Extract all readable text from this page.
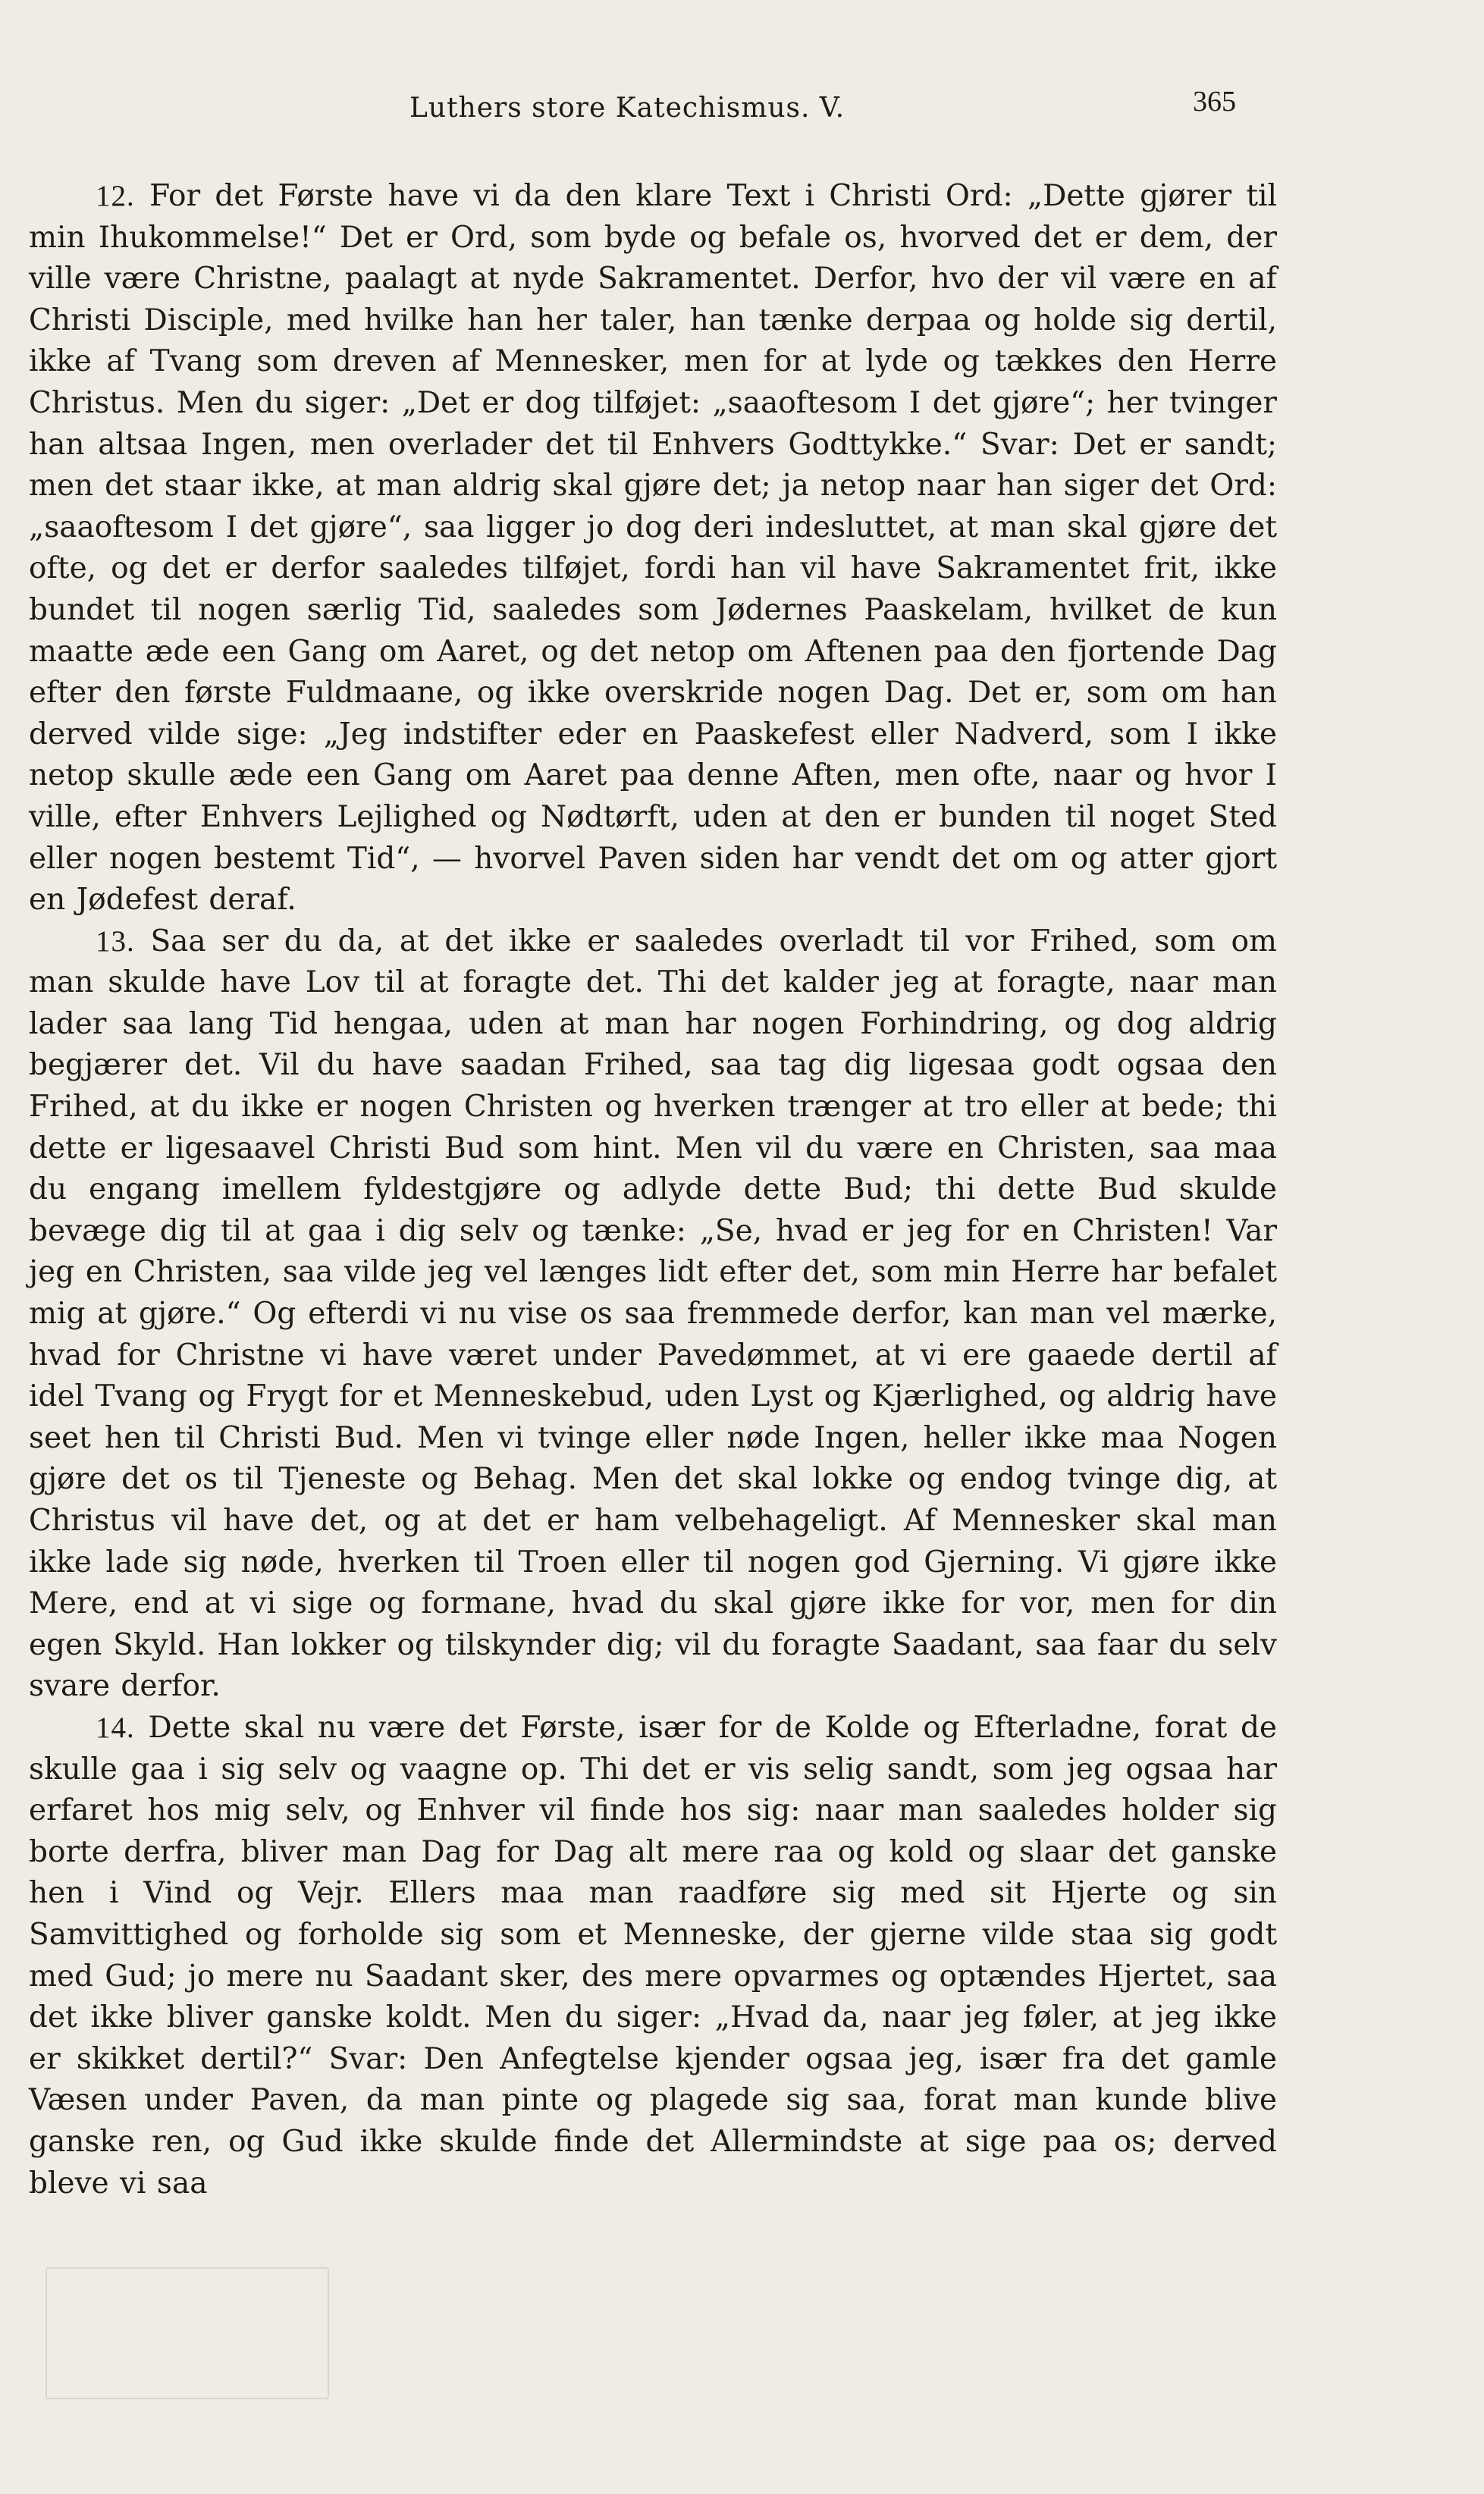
Luthers store Katechismus. V.	365

12. For det Første have vi da den klare Text i Christi Ord: „Dette gjører til min Ihukommelse!“ Det er Ord, som byde og befale os, hvorved det er dem, der ville være Christne, paalagt at nyde Sakramentet. Derfor, hvo der vil være en af Christi Disciple, med hvilke han her taler, han tænke derpaa og holde sig dertil, ikke af Tvang som dreven af Mennesker, men for at lyde og tækkes den Herre Christus. Men du siger: „Det er dog tilføjet: „saaoftesom I det gjøre“; her tvinger han altsaa Ingen, men overlader det til Enhvers Godttykke.“ Svar: Det er sandt; men det staar ikke, at man aldrig skal gjøre det; ja netop naar han siger det Ord: „saaoftesom I det gjøre“, saa ligger jo dog deri indesluttet, at man skal gjøre det ofte, og det er derfor saaledes tilføjet, fordi han vil have Sakramentet frit, ikke bundet til nogen særlig Tid, saaledes som Jødernes Paaskelam, hvilket de kun maatte æde een Gang om Aaret, og det netop om Aftenen paa den fjortende Dag efter den første Fuldmaane, og ikke overskride nogen Dag. Det er, som om han derved vilde sige: „Jeg indstifter eder en Paaskefest eller Nadverd, som I ikke netop skulle æde een Gang om Aaret paa denne Aften, men ofte, naar og hvor I ville, efter Enhvers Lejlighed og Nødtørft, uden at den er bunden til noget Sted eller nogen bestemt Tid“, — hvorvel Paven siden har vendt det om og atter gjort en Jødefest deraf.

13. Saa ser du da, at det ikke er saaledes overladt til vor Frihed, som om man skulde have Lov til at foragte det. Thi det kalder jeg at foragte, naar man lader saa lang Tid hengaa, uden at man har nogen Forhindring, og dog aldrig begjærer det. Vil du have saadan Frihed, saa tag dig ligesaa godt ogsaa den Frihed, at du ikke er nogen Christen og hverken trænger at tro eller at bede; thi dette er ligesaavel Christi Bud som hint. Men vil du være en Christen, saa maa du engang imellem fyldestgjøre og adlyde dette Bud; thi dette Bud skulde bevæge dig til at gaa i dig selv og tænke: „Se, hvad er jeg for en Christen! Var jeg en Christen, saa vilde jeg vel længes lidt efter det, som min Herre har befalet mig at gjøre.“ Og efterdi vi nu vise os saa fremmede derfor, kan man vel mærke, hvad for Christne vi have været under Pavedømmet, at vi ere gaaede dertil af idel Tvang og Frygt for et Menneskebud, uden Lyst og Kjærlighed, og aldrig have seet hen til Christi Bud. Men vi tvinge eller nøde Ingen, heller ikke maa Nogen gjøre det os til Tjeneste og Behag. Men det skal lokke og endog tvinge dig, at Christus vil have det, og at det er ham velbehageligt. Af Mennesker skal man ikke lade sig nøde, hverken til Troen eller til nogen god Gjerning. Vi gjøre ikke Mere, end at vi sige og formane, hvad du skal gjøre ikke for vor, men for din egen Skyld. Han lokker og tilskynder dig; vil du foragte Saadant, saa faar du selv svare derfor.

14. Dette skal nu være det Første, især for de Kolde og Efterladne, forat de skulle gaa i sig selv og vaagne op. Thi det er vis selig sandt, som jeg ogsaa har erfaret hos mig selv, og Enhver vil finde hos sig: naar man saaledes holder sig borte derfra, bliver man Dag for Dag alt mere raa og kold og slaar det ganske hen i Vind og Vejr. Ellers maa man raadføre sig med sit Hjerte og sin Samvittighed og forholde sig som et Menneske, der gjerne vilde staa sig godt med Gud; jo mere nu Saadant sker, des mere opvarmes og optændes Hjertet, saa det ikke bliver ganske koldt. Men du siger: „Hvad da, naar jeg føler, at jeg ikke er skikket dertil?“ Svar: Den Anfegtelse kjender ogsaa jeg, især fra det gamle Væsen under Paven, da man pinte og plagede sig saa, forat man kunde blive ganske ren, og Gud ikke skulde finde det Allermindste at sige paa os; derved bleve vi saa
